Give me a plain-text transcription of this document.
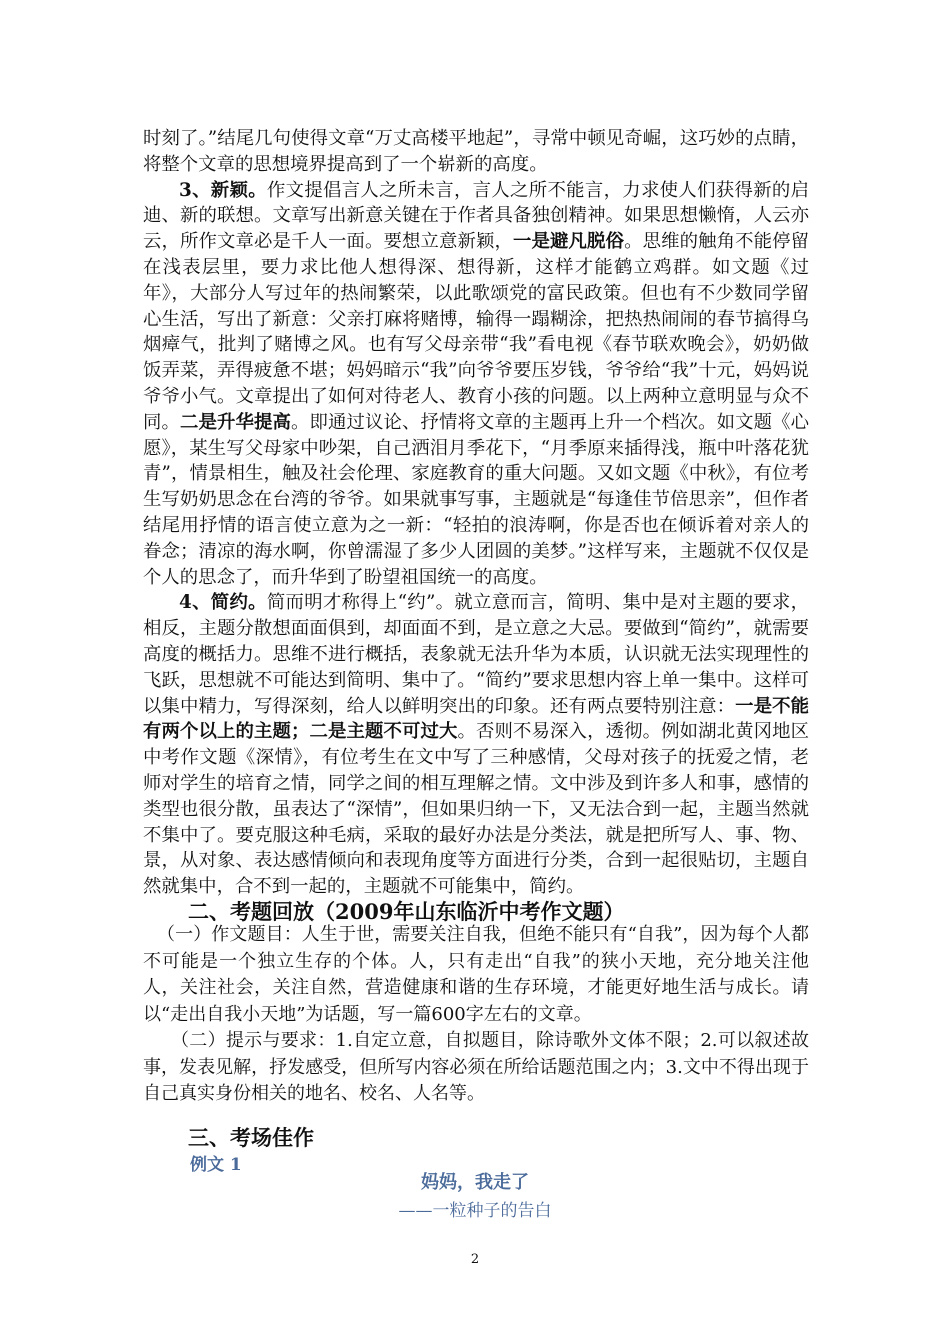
时刻了。”结尾几句使得文章“万丈高楼平地起”，寻常中顿见奇崛，这巧妙的点睛，将整个文章的思想境界提高到了一个崭新的高度。

3、新颖。作文提倡言人之所未言，言人之所不能言，力求使人们获得新的启迪、新的联想。文章写出新意关键在于作者具备独创精神。如果思想懒惰，人云亦云，所作文章必是千人一面。要想立意新颖，一是避凡脱俗。思维的触角不能停留在浅表层里，要力求比他人想得深、想得新，这样才能鹤立鸡群。如文题《过年》，大部分人写过年的热闹繁荣，以此歌颂党的富民政策。但也有不少数同学留心生活，写出了新意：父亲打麻将赌博，输得一蹋糊涂，把热热闹闹的春节搞得乌烟瘴气，批判了赌博之风。也有写父母亲带“我”看电视《春节联欢晚会》，奶奶做饭弄菜，弄得疲惫不堪；妈妈暗示“我”向爷爷要压岁钱，爷爷给“我”十元，妈妈说爷爷小气。文章提出了如何对待老人、教育小孩的问题。以上两种立意明显与众不同。二是升华提高。即通过议论、抒情将文章的主题再上升一个档次。如文题《心愿》，某生写父母家中吵架，自己洒泪月季花下，“月季原来插得浅，瓶中叶落花犹青”，情景相生，触及社会伦理、家庭教育的重大问题。又如文题《中秋》，有位考生写奶奶思念在台湾的爷爷。如果就事写事，主题就是“每逢佳节倍思亲”，但作者结尾用抒情的语言使立意为之一新：“轻拍的浪涛啊，你是否也在倾诉着对亲人的眷念；清凉的海水啊，你曾濡湿了多少人团圆的美梦。”这样写来，主题就不仅仅是个人的思念了，而升华到了盼望祖国统一的高度。

4、简约。简而明才称得上“约”。就立意而言，简明、集中是对主题的要求，相反，主题分散想面面俱到，却面面不到，是立意之大忌。要做到“简约”，就需要高度的概括力。思维不进行概括，表象就无法升华为本质，认识就无法实现理性的飞跃，思想就不可能达到简明、集中了。“简约”要求思想内容上单一集中。这样可以集中精力，写得深刻，给人以鲜明突出的印象。还有两点要特别注意：一是不能有两个以上的主题；二是主题不可过大。否则不易深入，透彻。例如湖北黄冈地区中考作文题《深情》，有位考生在文中写了三种感情，父母对孩子的抚爱之情，老师对学生的培育之情，同学之间的相互理解之情。文中涉及到许多人和事，感情的类型也很分散，虽表达了“深情”，但如果归纳一下，又无法合到一起，主题当然就不集中了。要克服这种毛病，采取的最好办法是分类法，就是把所写人、事、物、景，从对象、表达感情倾向和表现角度等方面进行分类，合到一起很贴切，主题自然就集中，合不到一起的，主题就不可能集中，简约。

二、考题回放（2009年山东临沂中考作文题）

（一）作文题目：人生于世，需要关注自我，但绝不能只有“自我”，因为每个人都不可能是一个独立生存的个体。人，只有走出“自我”的狭小天地，充分地关注他人，关注社会，关注自然，营造健康和谐的生存环境，才能更好地生活与成长。请以“走出自我小天地”为话题，写一篇600字左右的文章。

（二）提示与要求：1.自定立意，自拟题目，除诗歌外文体不限；2.可以叙述故事，发表见解，抒发感受，但所写内容必须在所给话题范围之内；3.文中不得出现于自己真实身份相关的地名、校名、人名等。

三、考场佳作
例文 1
妈妈，我走了
——一粒种子的告白
2
